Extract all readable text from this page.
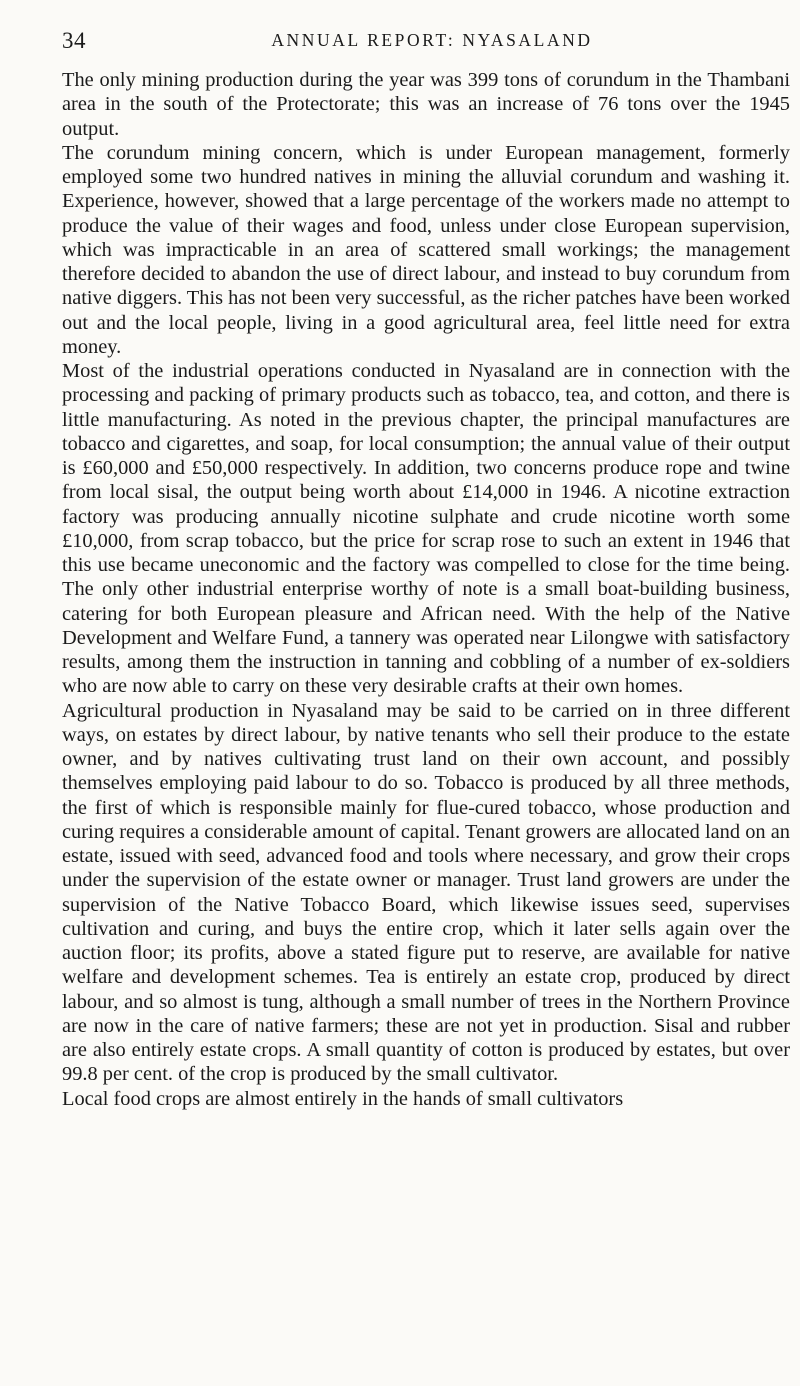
34	ANNUAL REPORT: NYASALAND

The only mining production during the year was 399 tons of corundum in the Thambani area in the south of the Protectorate; this was an increase of 76 tons over the 1945 output.

The corundum mining concern, which is under European management, formerly employed some two hundred natives in mining the alluvial corundum and washing it. Experience, however, showed that a large percentage of the workers made no attempt to produce the value of their wages and food, unless under close European supervision, which was impracticable in an area of scattered small workings; the management therefore decided to abandon the use of direct labour, and instead to buy corundum from native diggers. This has not been very successful, as the richer patches have been worked out and the local people, living in a good agricultural area, feel little need for extra money.

Most of the industrial operations conducted in Nyasaland are in connection with the processing and packing of primary products such as tobacco, tea, and cotton, and there is little manufacturing. As noted in the previous chapter, the principal manufactures are tobacco and cigarettes, and soap, for local consumption; the annual value of their output is £60,000 and £50,000 respectively. In addition, two concerns produce rope and twine from local sisal, the output being worth about £14,000 in 1946. A nicotine extraction factory was producing annually nicotine sulphate and crude nicotine worth some £10,000, from scrap tobacco, but the price for scrap rose to such an extent in 1946 that this use became uneconomic and the factory was compelled to close for the time being. The only other industrial enterprise worthy of note is a small boat-building business, catering for both European pleasure and African need. With the help of the Native Development and Welfare Fund, a tannery was operated near Lilongwe with satisfactory results, among them the instruction in tanning and cobbling of a number of ex-soldiers who are now able to carry on these very desirable crafts at their own homes.

Agricultural production in Nyasaland may be said to be carried on in three different ways, on estates by direct labour, by native tenants who sell their produce to the estate owner, and by natives cultivating trust land on their own account, and possibly themselves employing paid labour to do so. Tobacco is produced by all three methods, the first of which is responsible mainly for flue-cured tobacco, whose production and curing requires a considerable amount of capital. Tenant growers are allocated land on an estate, issued with seed, advanced food and tools where necessary, and grow their crops under the supervision of the estate owner or manager. Trust land growers are under the supervision of the Native Tobacco Board, which likewise issues seed, supervises cultivation and curing, and buys the entire crop, which it later sells again over the auction floor; its profits, above a stated figure put to reserve, are available for native welfare and development schemes. Tea is entirely an estate crop, produced by direct labour, and so almost is tung, although a small number of trees in the Northern Province are now in the care of native farmers; these are not yet in production. Sisal and rubber are also entirely estate crops. A small quantity of cotton is produced by estates, but over 99.8 per cent. of the crop is produced by the small cultivator.

Local food crops are almost entirely in the hands of small cultivators
